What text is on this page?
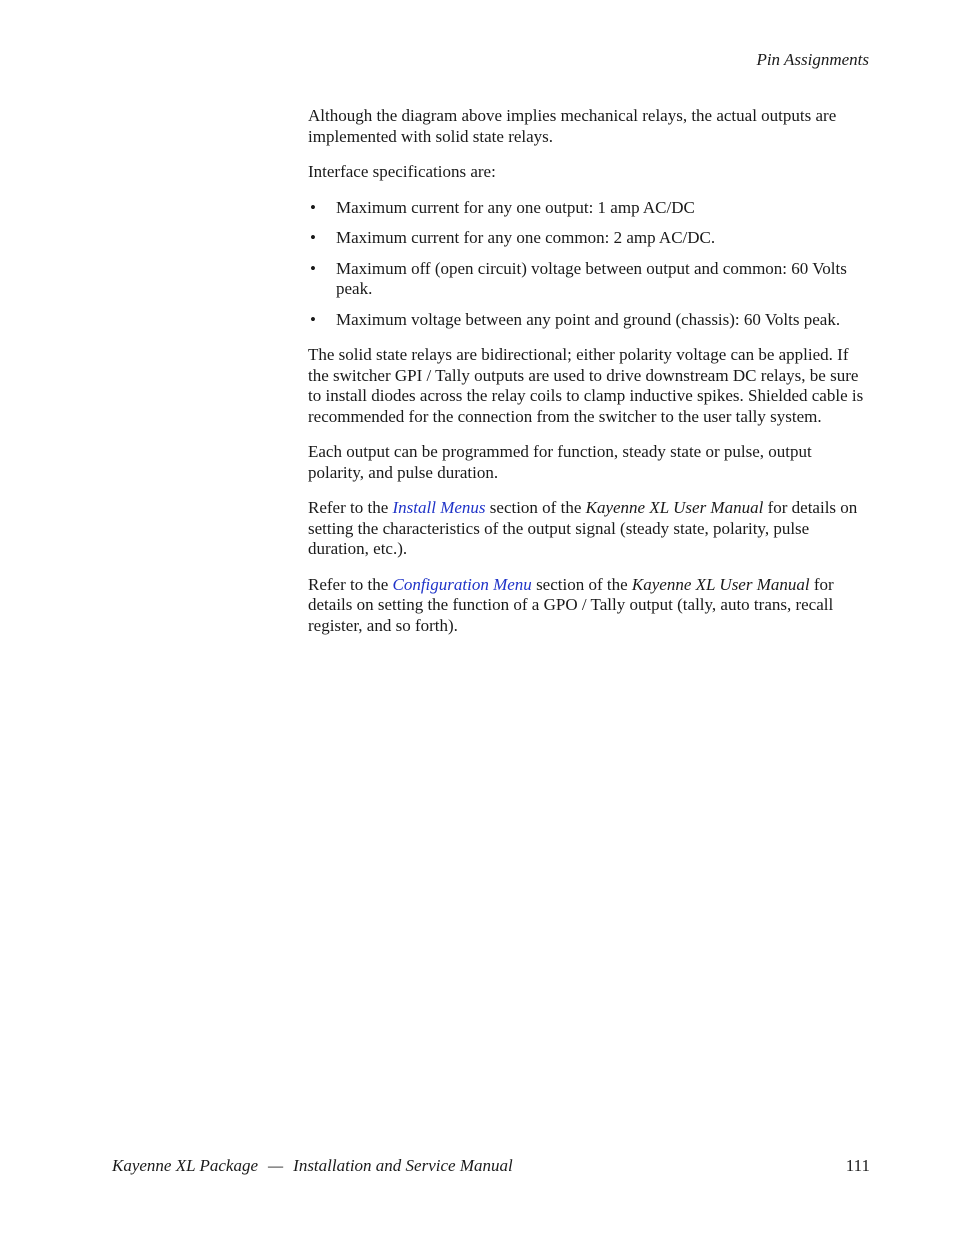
Pin Assignments

Although the diagram above implies mechanical relays, the actual outputs are implemented with solid state relays.

Interface specifications are:

• Maximum current for any one output: 1 amp AC/DC
• Maximum current for any one common: 2 amp AC/DC.
• Maximum off (open circuit) voltage between output and common: 60 Volts peak.
• Maximum voltage between any point and ground (chassis): 60 Volts peak.

The solid state relays are bidirectional; either polarity voltage can be applied. If the switcher GPI / Tally outputs are used to drive downstream DC relays, be sure to install diodes across the relay coils to clamp inductive spikes. Shielded cable is recommended for the connection from the switcher to the user tally system.

Each output can be programmed for function, steady state or pulse, output polarity, and pulse duration.

Refer to the Install Menus section of the Kayenne XL User Manual for details on setting the characteristics of the output signal (steady state, polarity, pulse duration, etc.).

Refer to the Configuration Menu section of the Kayenne XL User Manual for details on setting the function of a GPO / Tally output (tally, auto trans, recall register, and so forth).

Kayenne XL Package — Installation and Service Manual	111
